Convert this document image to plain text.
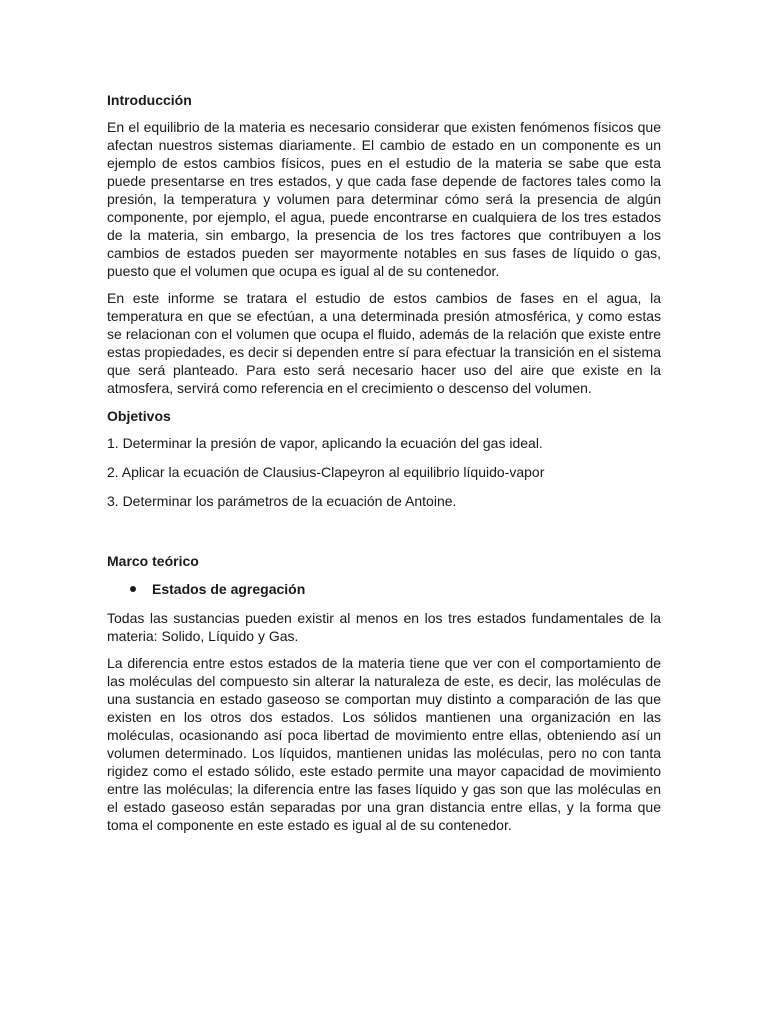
Introducción

En el equilibrio de la materia es necesario considerar que existen fenómenos físicos que afectan nuestros sistemas diariamente. El cambio de estado en un componente es un ejemplo de estos cambios físicos, pues en el estudio de la materia se sabe que esta puede presentarse en tres estados, y que cada fase depende de factores tales como la presión, la temperatura y volumen para determinar cómo será la presencia de algún componente, por ejemplo, el agua, puede encontrarse en cualquiera de los tres estados de la materia, sin embargo, la presencia de los tres factores que contribuyen a los cambios de estados pueden ser mayormente notables en sus fases de líquido o gas, puesto que el volumen que ocupa es igual al de su contenedor.

En este informe se tratara el estudio de estos cambios de fases en el agua, la temperatura en que se efectúan, a una determinada presión atmosférica, y como estas se relacionan con el volumen que ocupa el fluido, además de la relación que existe entre estas propiedades, es decir si dependen entre sí para efectuar la transición en el sistema que será planteado. Para esto será necesario hacer uso del aire que existe en la atmosfera, servirá como referencia en el crecimiento o descenso del volumen.

Objetivos

1. Determinar la presión de vapor, aplicando la ecuación del gas ideal.

2. Aplicar la ecuación de Clausius-Clapeyron al equilibrio líquido-vapor

3. Determinar los parámetros de la ecuación de Antoine.

Marco teórico
Estados de agregación

Todas las sustancias pueden existir al menos en los tres estados fundamentales de la materia: Solido, Líquido y Gas.

La diferencia entre estos estados de la materia tiene que ver con el comportamiento de las moléculas del compuesto sin alterar la naturaleza de este, es decir, las moléculas de una sustancia en estado gaseoso se comportan muy distinto a comparación de las que existen en los otros dos estados. Los sólidos mantienen una organización en las moléculas, ocasionando así poca libertad de movimiento entre ellas, obteniendo así un volumen determinado. Los líquidos, mantienen unidas las moléculas, pero no con tanta rigidez como el estado sólido, este estado permite una mayor capacidad de movimiento entre las moléculas; la diferencia entre las fases líquido y gas son que las moléculas en el estado gaseoso están separadas por una gran distancia entre ellas, y la forma que toma el componente en este estado es igual al de su contenedor.
